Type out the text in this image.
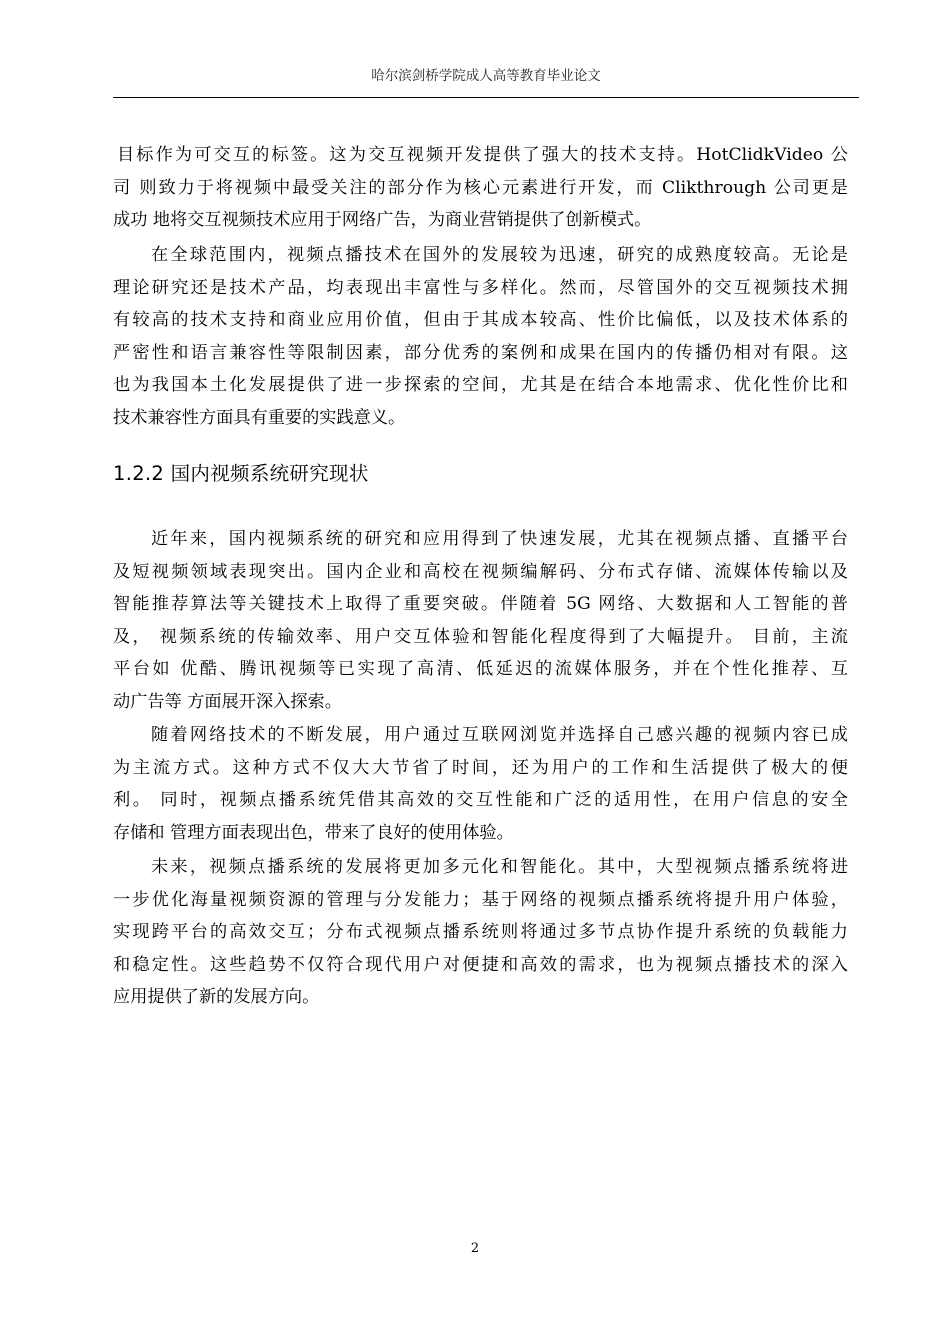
哈尔滨剑桥学院成人高等教育毕业论文
目标作为可交互的标签。这为交互视频开发提供了强大的技术支持。HotClidkVideo 公
司 则致力于将视频中最受关注的部分作为核心元素进行开发，而 Clikthrough 公司更是
成功 地将交互视频技术应用于网络广告，为商业营销提供了创新模式。
在全球范围内，视频点播技术在国外的发展较为迅速，研究的成熟度较高。无论是
理论研究还是技术产品，均表现出丰富性与多样化。然而，尽管国外的交互视频技术拥
有较高的技术支持和商业应用价值，但由于其成本较高、性价比偏低，以及技术体系的
严密性和语言兼容性等限制因素，部分优秀的案例和成果在国内的传播仍相对有限。这
也为我国本土化发展提供了进一步探索的空间，尤其是在结合本地需求、优化性价比和
技术兼容性方面具有重要的实践意义。
1.2.2 国内视频系统研究现状
近年来，国内视频系统的研究和应用得到了快速发展，尤其在视频点播、直播平台
及短视频领域表现突出。国内企业和高校在视频编解码、分布式存储、流媒体传输以及
智能推荐算法等关键技术上取得了重要突破。伴随着 5G 网络、大数据和人工智能的普
及， 视频系统的传输效率、用户交互体验和智能化程度得到了大幅提升。 目前，主流
平台如 优酷、腾讯视频等已实现了高清、低延迟的流媒体服务，并在个性化推荐、互
动广告等 方面展开深入探索。
随着网络技术的不断发展，用户通过互联网浏览并选择自己感兴趣的视频内容已成
为主流方式。这种方式不仅大大节省了时间，还为用户的工作和生活提供了极大的便
利。 同时，视频点播系统凭借其高效的交互性能和广泛的适用性，在用户信息的安全
存储和 管理方面表现出色，带来了良好的使用体验。
未来，视频点播系统的发展将更加多元化和智能化。其中，大型视频点播系统将进
一步优化海量视频资源的管理与分发能力；基于网络的视频点播系统将提升用户体验，
实现跨平台的高效交互；分布式视频点播系统则将通过多节点协作提升系统的负载能力
和稳定性。这些趋势不仅符合现代用户对便捷和高效的需求，也为视频点播技术的深入
应用提供了新的发展方向。
2
